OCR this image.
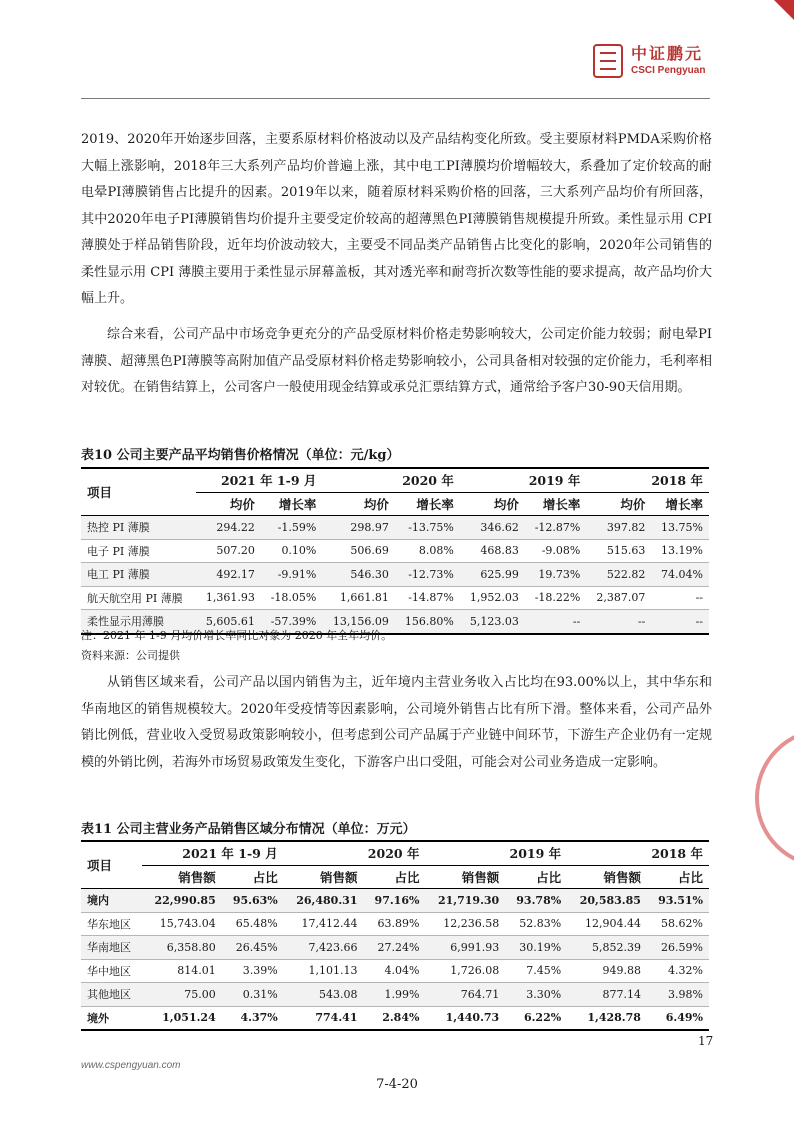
中证鹏元
CSCI Pengyuan

2019、2020年开始逐步回落，主要系原材料价格波动以及产品结构变化所致。受主要原材料PMDA采购价格大幅上涨影响，2018年三大系列产品均价普遍上涨，其中电工PI薄膜均价增幅较大，系叠加了定价较高的耐电晕PI薄膜销售占比提升的因素。2019年以来，随着原材料采购价格的回落，三大系列产品均价有所回落，其中2020年电子PI薄膜销售均价提升主要受定价较高的超薄黑色PI薄膜销售规模提升所致。柔性显示用 CPI 薄膜处于样品销售阶段，近年均价波动较大，主要受不同品类产品销售占比变化的影响，2020年公司销售的柔性显示用 CPI 薄膜主要用于柔性显示屏幕盖板，其对透光率和耐弯折次数等性能的要求提高，故产品均价大幅上升。

综合来看，公司产品中市场竞争更充分的产品受原材料价格走势影响较大，公司定价能力较弱；耐电晕PI薄膜、超薄黑色PI薄膜等高附加值产品受原材料价格走势影响较小，公司具备相对较强的定价能力，毛利率相对较优。在销售结算上，公司客户一般使用现金结算或承兑汇票结算方式，通常给予客户30-90天信用期。

表10 公司主要产品平均销售价格情况（单位：元/kg）

项目	2021 年 1-9 月		2020 年		2019 年		2018 年	
	均价	增长率	均价	增长率	均价	增长率	均价	增长率
热控 PI 薄膜	294.22	-1.59%	298.97	-13.75%	346.62	-12.87%	397.82	13.75%
电子 PI 薄膜	507.20	0.10%	506.69	8.08%	468.83	-9.08%	515.63	13.19%
电工 PI 薄膜	492.17	-9.91%	546.30	-12.73%	625.99	19.73%	522.82	74.04%
航天航空用 PI 薄膜	1,361.93	-18.05%	1,661.81	-14.87%	1,952.03	-18.22%	2,387.07	--
柔性显示用薄膜	5,605.61	-57.39%	13,156.09	156.80%	5,123.03	--	--	--

注：2021 年 1-9 月均价增长率同比对象为 2020 年全年均价。

资料来源：公司提供

从销售区域来看，公司产品以国内销售为主，近年境内主营业务收入占比均在93.00%以上，其中华东和华南地区的销售规模较大。2020年受疫情等因素影响，公司境外销售占比有所下滑。整体来看，公司产品外销比例低，营业收入受贸易政策影响较小，但考虑到公司产品属于产业链中间环节，下游生产企业仍有一定规模的外销比例，若海外市场贸易政策发生变化，下游客户出口受阻，可能会对公司业务造成一定影响。

表11 公司主营业务产品销售区域分布情况（单位：万元）

项目	2021 年 1-9 月		2020 年		2019 年		2018 年	
	销售额	占比	销售额	占比	销售额	占比	销售额	占比
境内	22,990.85	95.63%	26,480.31	97.16%	21,719.30	93.78%	20,583.85	93.51%
华东地区	15,743.04	65.48%	17,412.44	63.89%	12,236.58	52.83%	12,904.44	58.62%
华南地区	6,358.80	26.45%	7,423.66	27.24%	6,991.93	30.19%	5,852.39	26.59%
华中地区	814.01	3.39%	1,101.13	4.04%	1,726.08	7.45%	949.88	4.32%
其他地区	75.00	0.31%	543.08	1.99%	764.71	3.30%	877.14	3.98%
境外	1,051.24	4.37%	774.41	2.84%	1,440.73	6.22%	1,428.78	6.49%

17

www.cspengyuan.com

7-4-20
